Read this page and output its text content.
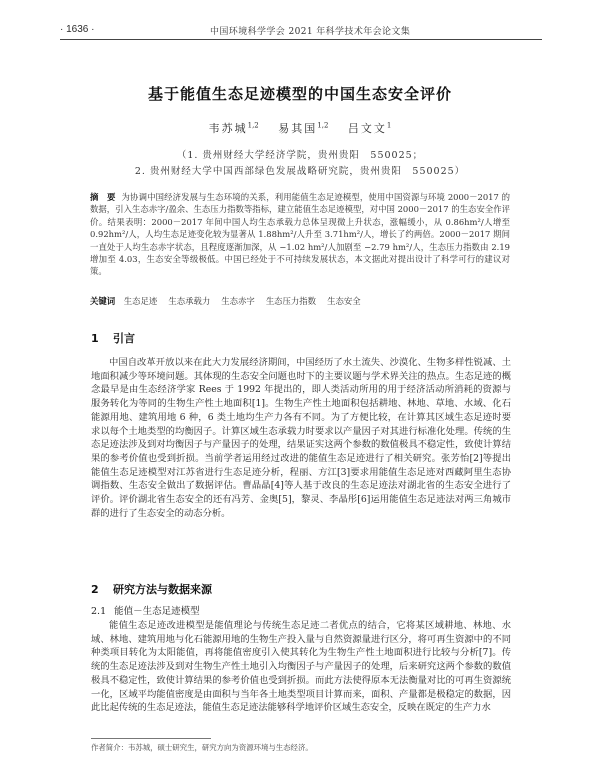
· 1636 ·	中国环境科学学会 2021 年科学技术年会论文集
基于能值生态足迹模型的中国生态安全评价
韦苏城$^{1,2}$ 易其国$^{1,2}$ 吕文文$^1$
（1. 贵州财经大学经济学院，贵州贵阳　550025；
2. 贵州财经大学中国西部绿色发展战略研究院，贵州贵阳　550025）
摘　要 为协调中国经济发展与生态环境的关系，利用能值生态足迹模型，使用中国资源与环境 2000－2017 的数据，引入生态赤字/盈余、生态压力指数等指标，建立能值生态足迹模型，对中国 2000－2017 的生态安全作评价。结果表明：2000－2017 年间中国人均生态承载力总体呈现微上升状态，涨幅缓小，从 0.86hm²/人增至 0.92hm²/人，人均生态足迹变化较为显著从 1.88hm²/人升至 3.71hm²/人，增长了约两倍。2000－2017 期间一直处于人均生态赤字状态，且程度逐渐加深，从 −1.02 hm²/人加剧至 −2.79 hm²/人，生态压力指数由 2.19 增加至 4.03，生态安全等级极低。中国已经处于不可持续发展状态，本文据此对提出设计了科学可行的建议对策。
关键词 生态足迹　 生态承载力　 生态赤字　 生态压力指数　 生态安全
1 引言
中国自改革开放以来在此大力发展经济期间，中国经历了水土流失、沙漠化、生物多样性锐减、土地面积减少等环境问题。其体现的生态安全问题也时下的主要议题与学术界关注的热点。生态足迹的概念最早是由生态经济学家 Rees 于 1992 年提出的，即人类活动所用的用于经济活动所消耗的资源与服务转化为等同的生物生产性土地面积[1]。生物生产性土地面积包括耕地、林地、草地、水域、化石能源用地、建筑用地 6 种，6 类土地均生产力各有不同。为了方便比较，在计算其区域生态足迹时要求以每个土地类型的均衡因子。计算区域生态承载力时要求以产量因子对其进行标准化处理。传统的生态足迹法涉及到对均衡因子与产量因子的处理，结果证实这两个参数的数值极具不稳定性，致使计算结果的参考价值也受到折损。当前学者运用经过改进的能值生态足迹进行了相关研究。张芳怡[2]等提出能值生态足迹模型对江苏省进行生态足迹分析，程丽、方江[3]要求用能值生态足迹对西藏阿里生态协调指数、生态安全做出了数据评估。曹晶晶[4]等人基于改良的生态足迹法对湖北省的生态安全进行了评价。评价湖北省生态安全的还有冯芳、金奥[5]，黎灵、李晶彤[6]运用能值生态足迹法对两三角城市群的进行了生态安全的动态分析。
2 研究方法与数据来源
2.1 能值－生态足迹模型
能值生态足迹改进模型是能值理论与传统生态足迹二者优点的结合，它将某区域耕地、林地、水域、林地、建筑用地与化石能源用地的生物生产投入量与自然资源量进行区分，将可再生资源中的不同种类项目转化为太阳能值，再将能值密度引入使其转化为生物生产性土地面积进行比较与分析[7]。传统的生态足迹法涉及到对生物生产性土地引入均衡因子与产量因子的处理，后来研究这两个参数的数值极具不稳定性，致使计算结果的参考价值也受到折损。而此方法使得原本无法衡量对比的可再生资源统一化，区域平均能值密度是由面积与当年各土地类型项目计算而来，面积、产量都是极稳定的数据，因此比起传统的生态足迹法，能值生态足迹法能够科学地评价区域生态安全，反映在既定的生产力水
作者简介：韦苏城，硕士研究生，研究方向为资源环境与生态经济。
